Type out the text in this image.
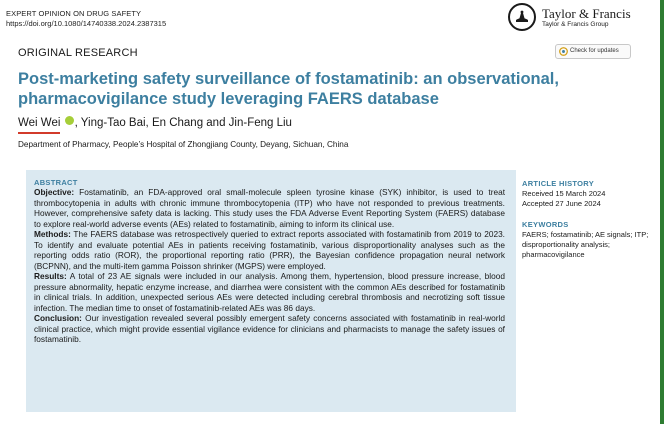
EXPERT OPINION ON DRUG SAFETY
https://doi.org/10.1080/14740338.2024.2387315
Taylor & Francis
Taylor & Francis Group
ORIGINAL RESEARCH	Check for updates
Post-marketing safety surveillance of fostamatinib: an observational,
pharmacovigilance study leveraging FAERS database
Wei Wei , Ying-Tao Bai, En Chang and Jin-Feng Liu
Department of Pharmacy, People’s Hospital of Zhongjiang County, Deyang, Sichuan, China
ABSTRACT

Objective: Fostamatinib, an FDA-approved oral small-molecule spleen tyrosine kinase (SYK) inhibitor, is used to treat thrombocytopenia in adults with chronic immune thrombocytopenia (ITP) who have not responded to previous treatments. However, comprehensive safety data is lacking. This study uses the FDA Adverse Event Reporting System (FAERS) database to explore real-world adverse events (AEs) related to fostamatinib, aiming to inform its clinical use.

Methods: The FAERS database was retrospectively queried to extract reports associated with fostamatinib from 2019 to 2023. To identify and evaluate potential AEs in patients receiving fostamatinib, various disproportionality analyses such as the reporting odds ratio (ROR), the proportional reporting ratio (PRR), the Bayesian confidence propagation neural network (BCPNN), and the multi-item gamma Poisson shrinker (MGPS) were employed.

Results: A total of 23 AE signals were included in our analysis. Among them, hypertension, blood pressure increase, blood pressure abnormality, hepatic enzyme increase, and diarrhea were consistent with the common AEs described for fostamatinib in clinical trials. In addition, unexpected serious AEs were detected including cerebral thrombosis and necrotizing soft tissue infection. The median time to onset of fostamatinib-related AEs was 86 days.

Conclusion: Our investigation revealed several possibly emergent safety concerns associated with fostamatinib in real-world clinical practice, which might provide essential vigilance evidence for clinicians and pharmacists to manage the safety issues of fostamatinib.

ARTICLE HISTORY
Received 15 March 2024
Accepted 27 June 2024
KEYWORDS
FAERS; fostamatinib; AE signals; ITP; disproportionality analysis; pharmacovigilance
